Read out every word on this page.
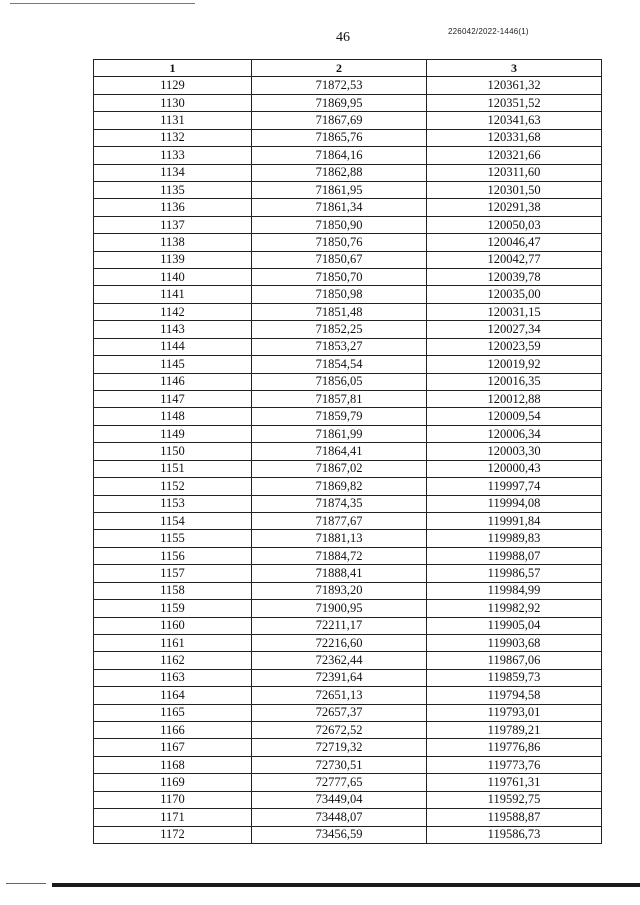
46	226042/2022-1446(1)
1	2	3
1129	71872,53	120361,32
1130	71869,95	120351,52
1131	71867,69	120341,63
1132	71865,76	120331,68
1133	71864,16	120321,66
1134	71862,88	120311,60
1135	71861,95	120301,50
1136	71861,34	120291,38
1137	71850,90	120050,03
1138	71850,76	120046,47
1139	71850,67	120042,77
1140	71850,70	120039,78
1141	71850,98	120035,00
1142	71851,48	120031,15
1143	71852,25	120027,34
1144	71853,27	120023,59
1145	71854,54	120019,92
1146	71856,05	120016,35
1147	71857,81	120012,88
1148	71859,79	120009,54
1149	71861,99	120006,34
1150	71864,41	120003,30
1151	71867,02	120000,43
1152	71869,82	119997,74
1153	71874,35	119994,08
1154	71877,67	119991,84
1155	71881,13	119989,83
1156	71884,72	119988,07
1157	71888,41	119986,57
1158	71893,20	119984,99
1159	71900,95	119982,92
1160	72211,17	119905,04
1161	72216,60	119903,68
1162	72362,44	119867,06
1163	72391,64	119859,73
1164	72651,13	119794,58
1165	72657,37	119793,01
1166	72672,52	119789,21
1167	72719,32	119776,86
1168	72730,51	119773,76
1169	72777,65	119761,31
1170	73449,04	119592,75
1171	73448,07	119588,87
1172	73456,59	119586,73
